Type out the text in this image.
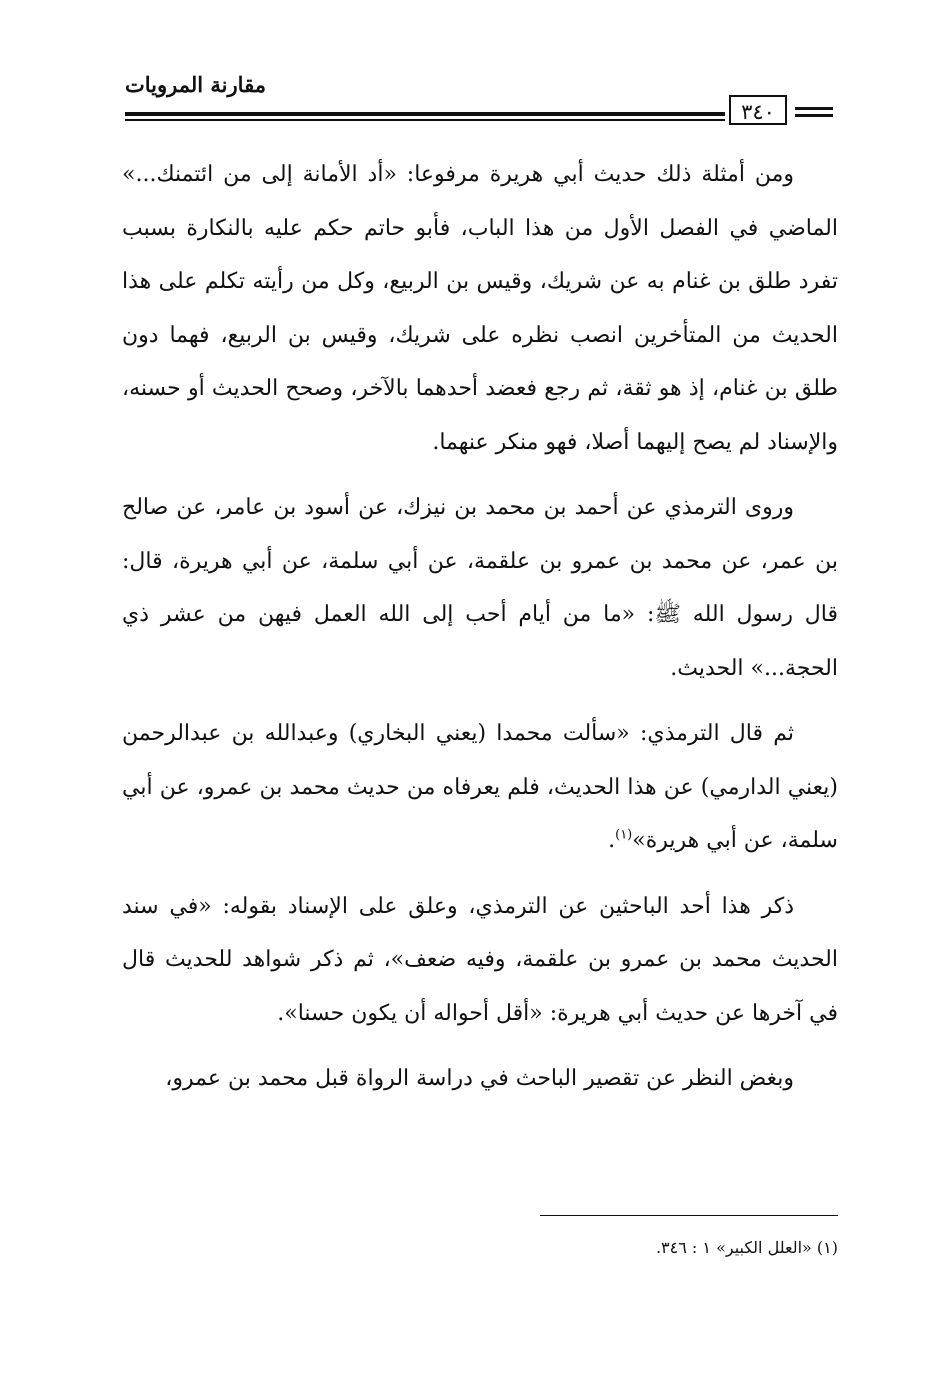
مقارنة المرويات
٣٤٠

ومن أمثلة ذلك حديث أبي هريرة مرفوعا: «أد الأمانة إلى من ائتمنك...» الماضي في الفصل الأول من هذا الباب، فأبو حاتم حكم عليه بالنكارة بسبب تفرد طلق بن غنام به عن شريك، وقيس بن الربيع، وكل من رأيته تكلم على هذا الحديث من المتأخرين انصب نظره على شريك، وقيس بن الربيع، فهما دون طلق بن غنام، إذ هو ثقة، ثم رجع فعضد أحدهما بالآخر، وصحح الحديث أو حسنه، والإسناد لم يصح إليهما أصلا، فهو منكر عنهما.

وروى الترمذي عن أحمد بن محمد بن نيزك، عن أسود بن عامر، عن صالح بن عمر، عن محمد بن عمرو بن علقمة، عن أبي سلمة، عن أبي هريرة، قال: قال رسول الله ﷺ: «ما من أيام أحب إلى الله العمل فيهن من عشر ذي الحجة...» الحديث.

ثم قال الترمذي: «سألت محمدا (يعني البخاري) وعبدالله بن عبدالرحمن (يعني الدارمي) عن هذا الحديث، فلم يعرفاه من حديث محمد بن عمرو، عن أبي سلمة، عن أبي هريرة»$^{(١)}$.

ذكر هذا أحد الباحثين عن الترمذي، وعلق على الإسناد بقوله: «في سند الحديث محمد بن عمرو بن علقمة، وفيه ضعف»، ثم ذكر شواهد للحديث قال في آخرها عن حديث أبي هريرة: «أقل أحواله أن يكون حسنا».

وبغض النظر عن تقصير الباحث في دراسة الرواة قبل محمد بن عمرو،

(١) «العلل الكبير» ١ : ٣٤٦.
